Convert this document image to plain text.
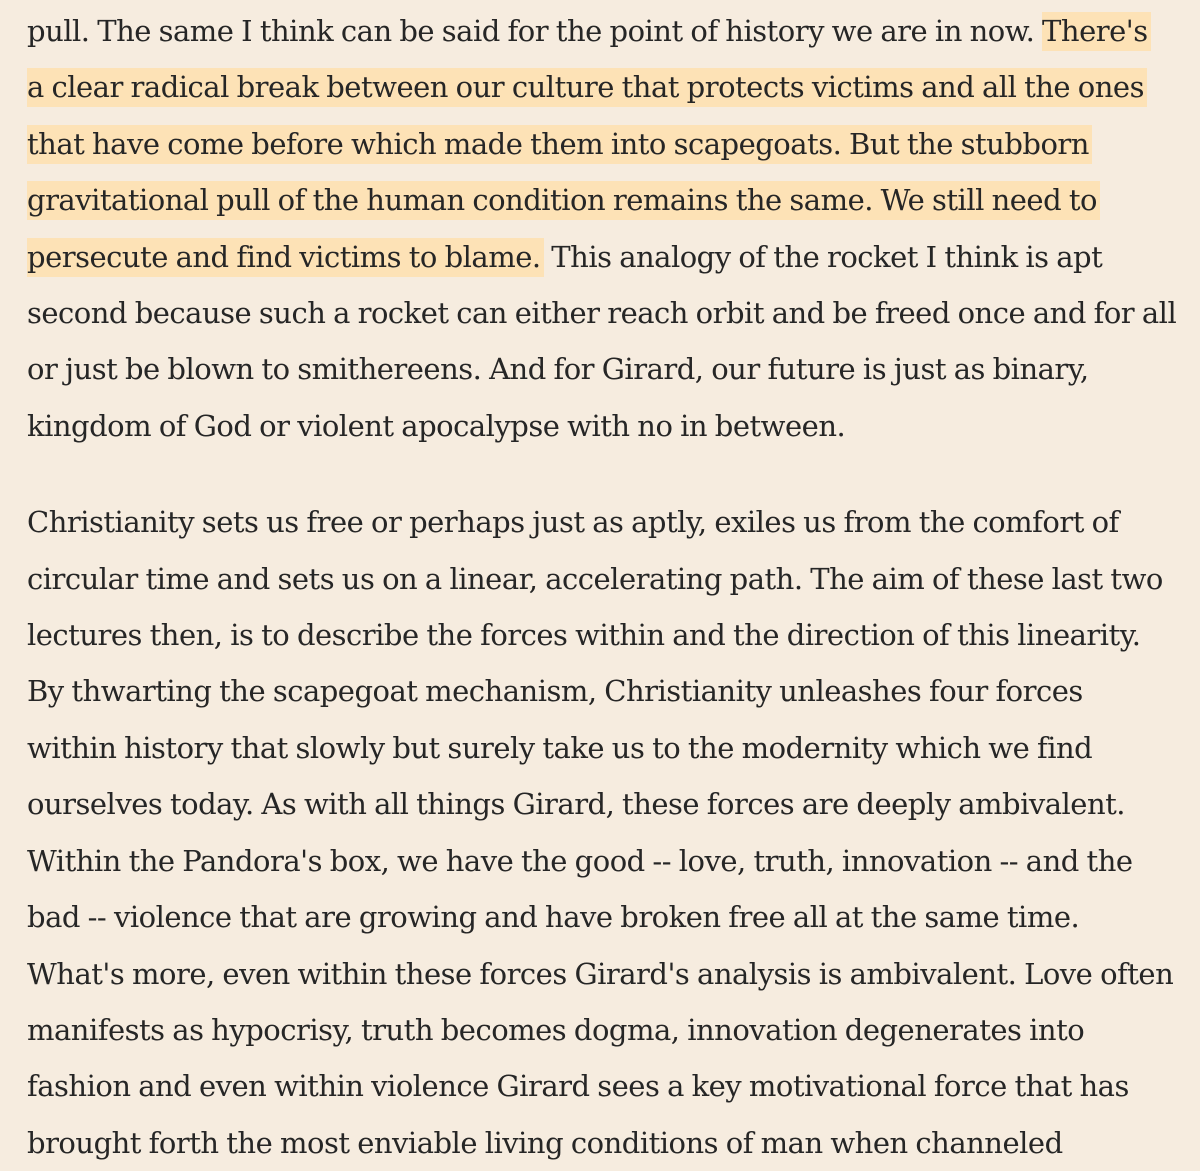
pull. The same I think can be said for the point of history we are in now. There's
a clear radical break between our culture that protects victims and all the ones
that have come before which made them into scapegoats. But the stubborn
gravitational pull of the human condition remains the same. We still need to
persecute and find victims to blame. This analogy of the rocket I think is apt
second because such a rocket can either reach orbit and be freed once and for all
or just be blown to smithereens. And for Girard, our future is just as binary,
kingdom of God or violent apocalypse with no in between.

Christianity sets us free or perhaps just as aptly, exiles us from the comfort of
circular time and sets us on a linear, accelerating path. The aim of these last two
lectures then, is to describe the forces within and the direction of this linearity.
By thwarting the scapegoat mechanism, Christianity unleashes four forces
within history that slowly but surely take us to the modernity which we find
ourselves today. As with all things Girard, these forces are deeply ambivalent.
Within the Pandora's box, we have the good -- love, truth, innovation -- and the
bad -- violence that are growing and have broken free all at the same time.
What's more, even within these forces Girard's analysis is ambivalent. Love often
manifests as hypocrisy, truth becomes dogma, innovation degenerates into
fashion and even within violence Girard sees a key motivational force that has
brought forth the most enviable living conditions of man when channeled
